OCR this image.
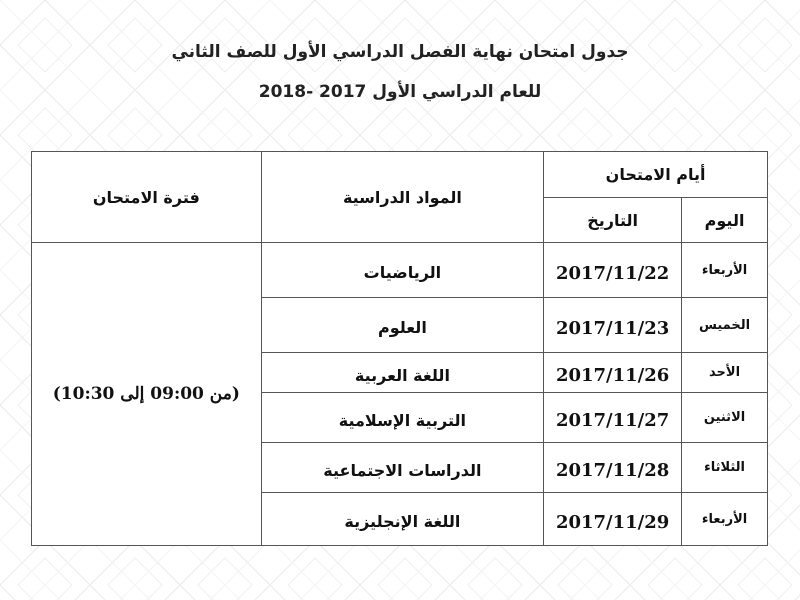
جدول امتحان نهاية الفصل الدراسي الأول للصف الثاني
للعام الدراسي الأول 2017 -2018
أيام الامتحان		المواد الدراسية	فترة الامتحان
اليوم	التاريخ		
الأربعاء	2017/11/22	الرياضيات	(من 09:00 إلى 10:30)
الخميس	2017/11/23	العلوم	
الأحد	2017/11/26	اللغة العربية	
الاثنين	2017/11/27	التربية الإسلامية	
الثلاثاء	2017/11/28	الدراسات الاجتماعية	
الأربعاء	2017/11/29	اللغة الإنجليزية	
